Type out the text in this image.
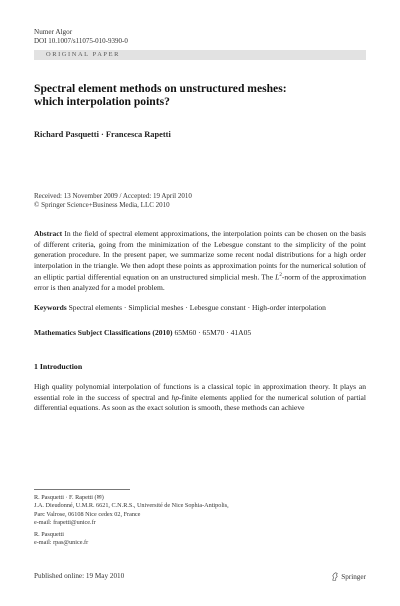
Numer Algor
DOI 10.1007/s11075-010-9390-0
ORIGINAL PAPER
Spectral element methods on unstructured meshes:
which interpolation points?
Richard Pasquetti · Francesca Rapetti
Received: 13 November 2009 / Accepted: 19 April 2010
© Springer Science+Business Media, LLC 2010
Abstract In the field of spectral element approximations, the interpolation points can be chosen on the basis of different criteria, going from the minimization of the Lebesgue constant to the simplicity of the point generation procedure. In the present paper, we summarize some recent nodal distributions for a high order interpolation in the triangle. We then adopt these points as approximation points for the numerical solution of an elliptic partial differential equation on an unstructured simplicial mesh. The $L^2$-norm of the approximation error is then analyzed for a model problem.
Keywords Spectral elements · Simplicial meshes · Lebesgue constant · High-order interpolation
Mathematics Subject Classifications (2010) 65M60 · 65M70 · 41A05
1 Introduction
High quality polynomial interpolation of functions is a classical topic in approximation theory. It plays an essential role in the success of spectral and hp-finite elements applied for the numerical solution of partial differential equations. As soon as the exact solution is smooth, these methods can achieve
R. Pasquetti · F. Rapetti (✉)
J.A. Dieudonné, U.M.R. 6621, C.N.R.S., Université de Nice Sophia-Antipolis,
Parc Valrose, 06108 Nice cedex 02, France
e-mail: frapetti@unice.fr
R. Pasquetti
e-mail: rpas@unice.fr
Published online: 19 May 2010	Springer
